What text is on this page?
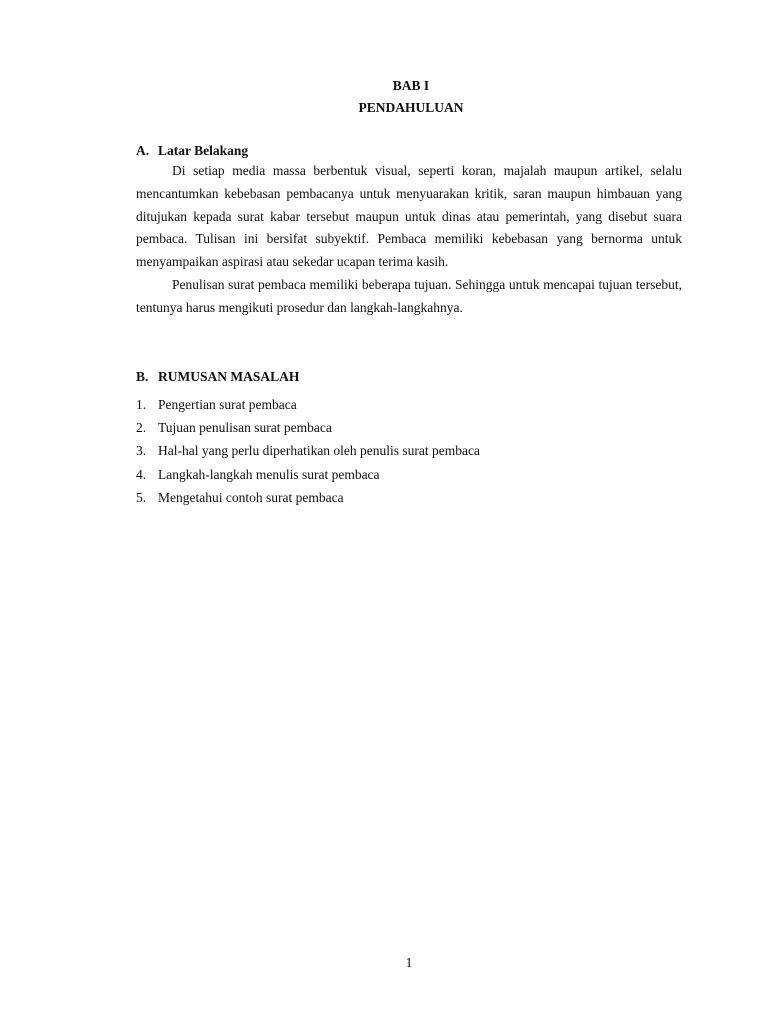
BAB I
PENDAHULUAN
A. Latar Belakang

Di setiap media massa berbentuk visual, seperti koran, majalah maupun artikel, selalu mencantumkan kebebasan pembacanya untuk menyuarakan kritik, saran maupun himbauan yang ditujukan kepada surat kabar tersebut maupun untuk dinas atau pemerintah, yang disebut suara pembaca. Tulisan ini bersifat subyektif. Pembaca memiliki kebebasan yang bernorma untuk menyampaikan aspirasi atau sekedar ucapan terima kasih.

Penulisan surat pembaca memiliki beberapa tujuan. Sehingga untuk mencapai tujuan tersebut, tentunya harus mengikuti prosedur dan langkah-langkahnya.

B. RUMUSAN MASALAH
1. Pengertian surat pembaca
2. Tujuan penulisan surat pembaca
3. Hal-hal yang perlu diperhatikan oleh penulis surat pembaca
4. Langkah-langkah menulis surat pembaca
5. Mengetahui contoh surat pembaca
1
